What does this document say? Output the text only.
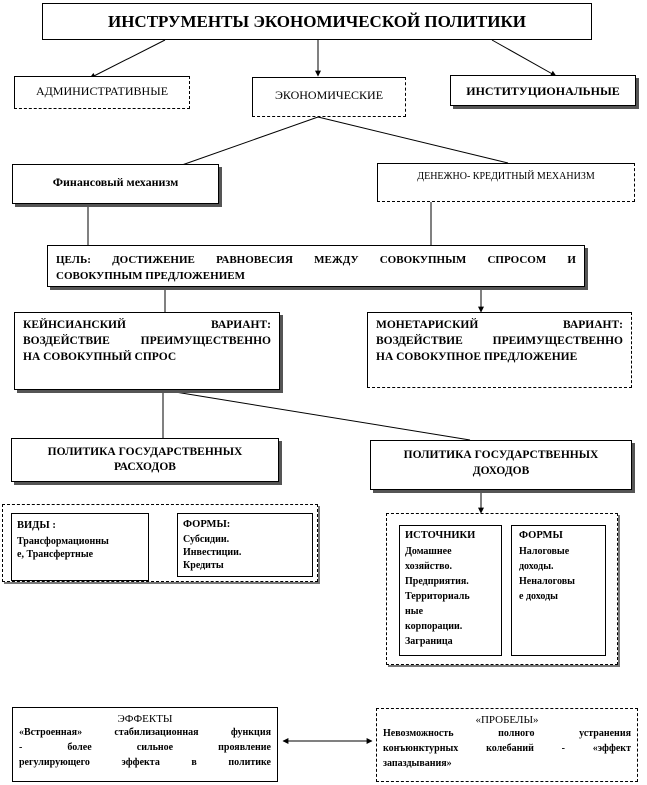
ИНСТРУМЕНТЫ ЭКОНОМИЧЕСКОЙ ПОЛИТИКИ
АДМИНИСТРАТИВНЫЕ	ЭКОНОМИЧЕСКИЕ	ИНСТИТУЦИОНАЛЬНЫЕ
Финансовый механизм	ДЕНЕЖНО- КРЕДИТНЫЙ МЕХАНИЗМ
ЦЕЛЬ: ДОСТИЖЕНИЕ РАВНОВЕСИЯ МЕЖДУ СОВОКУПНЫМ СПРОСОМ И
СОВОКУПНЫМ ПРЕДЛОЖЕНИЕМ
КЕЙНСИАНСКИЙ ВАРИАНТ:
ВОЗДЕЙСТВИЕ ПРЕИМУЩЕСТВЕННО
НА СОВОКУПНЫЙ СПРОС
МОНЕТАРИСКИЙ ВАРИАНТ:
ВОЗДЕЙСТВИЕ ПРЕИМУЩЕСТВЕННО
НА СОВОКУПНОЕ ПРЕДЛОЖЕНИЕ
ПОЛИТИКА ГОСУДАРСТВЕННЫХ
РАСХОДОВ
ПОЛИТИКА ГОСУДАРСТВЕННЫХ
ДОХОДОВ
ВИДЫ :
Трансформационны
е, Трансфертные
ФОРМЫ:
Субсидии.
Инвестиции.
Кредиты
ИСТОЧНИКИ
Домашнее
хозяйство.
Предприятия.
Территориаль
ные
корпорации.
Заграница
ФОРМЫ
Налоговые
доходы.
Неналоговы
е доходы
ЭФФЕКТЫ
«Встроенная» стабилизационная функция
- более сильное проявление
регулирующего эффекта в политике
«ПРОБЕЛЫ»
Невозможность полного устранения
конъюнктурных колебаний - «эффект
запаздывания»
